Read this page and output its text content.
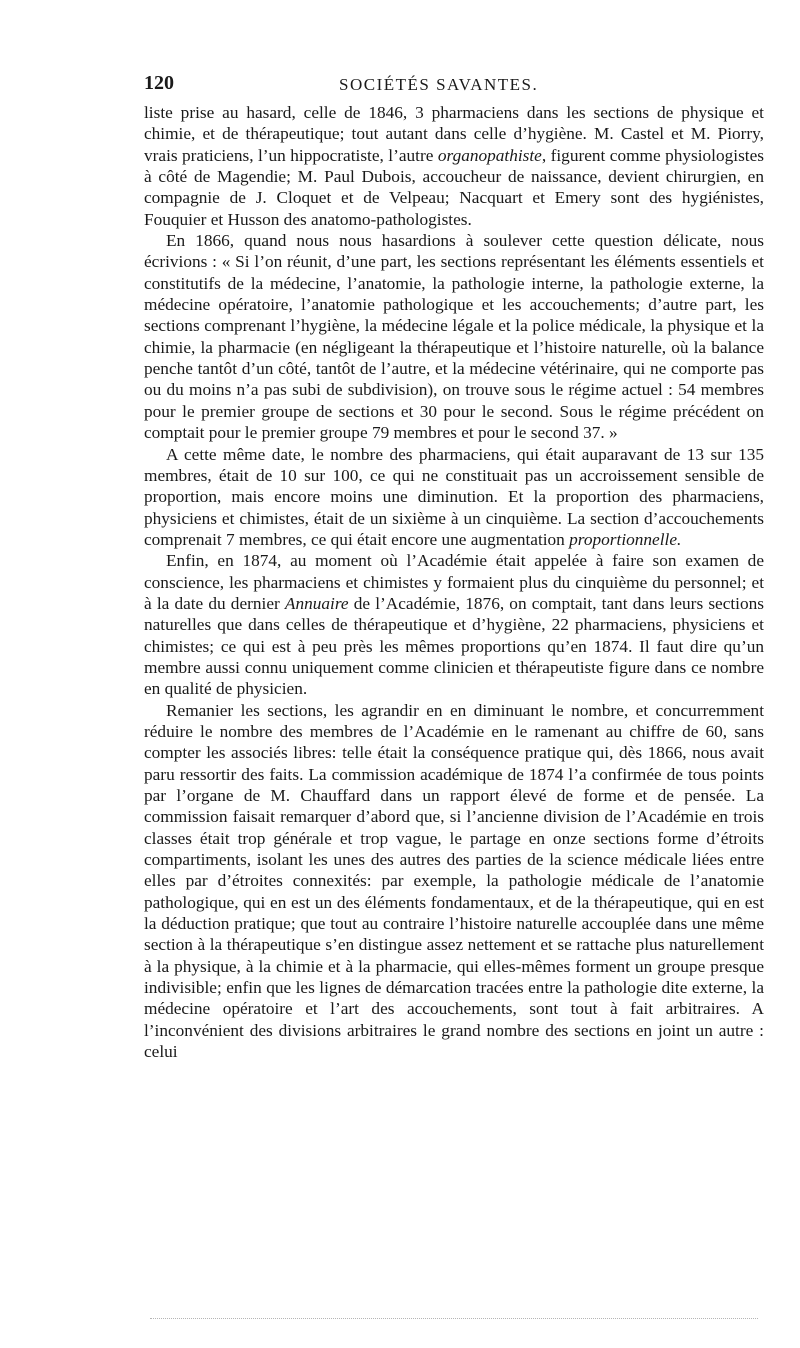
120	SOCIÉTÉS SAVANTES.

liste prise au hasard, celle de 1846, 3 pharmaciens dans les sections de physique et chimie, et de thérapeutique; tout autant dans celle d’hygiène. M. Castel et M. Piorry, vrais praticiens, l’un hippocratiste, l’autre organopathiste, figurent comme physiologistes à côté de Magendie; M. Paul Dubois, accoucheur de naissance, devient chirurgien, en compagnie de J. Cloquet et de Velpeau; Nacquart et Emery sont des hygiénistes, Fouquier et Husson des anatomo-pathologistes.

En 1866, quand nous nous hasardions à soulever cette question délicate, nous écrivions : « Si l’on réunit, d’une part, les sections représentant les éléments essentiels et constitutifs de la médecine, l’anatomie, la pathologie interne, la pathologie externe, la médecine opératoire, l’anatomie pathologique et les accouchements; d’autre part, les sections comprenant l’hygiène, la médecine légale et la police médicale, la physique et la chimie, la pharmacie (en négligeant la thérapeutique et l’histoire naturelle, où la balance penche tantôt d’un côté, tantôt de l’autre, et la médecine vétérinaire, qui ne comporte pas ou du moins n’a pas subi de subdivision), on trouve sous le régime actuel : 54 membres pour le premier groupe de sections et 30 pour le second. Sous le régime précédent on comptait pour le premier groupe 79 membres et pour le second 37. »

A cette même date, le nombre des pharmaciens, qui était auparavant de 13 sur 135 membres, était de 10 sur 100, ce qui ne constituait pas un accroissement sensible de proportion, mais encore moins une diminution. Et la proportion des pharmaciens, physiciens et chimistes, était de un sixième à un cinquième. La section d’accouchements comprenait 7 membres, ce qui était encore une augmentation proportionnelle.

Enfin, en 1874, au moment où l’Académie était appelée à faire son examen de conscience, les pharmaciens et chimistes y formaient plus du cinquième du personnel; et à la date du dernier Annuaire de l’Académie, 1876, on comptait, tant dans leurs sections naturelles que dans celles de thérapeutique et d’hygiène, 22 pharmaciens, physiciens et chimistes; ce qui est à peu près les mêmes proportions qu’en 1874. Il faut dire qu’un membre aussi connu uniquement comme clinicien et thérapeutiste figure dans ce nombre en qualité de physicien.

Remanier les sections, les agrandir en en diminuant le nombre, et concurremment réduire le nombre des membres de l’Académie en le ramenant au chiffre de 60, sans compter les associés libres: telle était la conséquence pratique qui, dès 1866, nous avait paru ressortir des faits. La commission académique de 1874 l’a confirmée de tous points par l’organe de M. Chauffard dans un rapport élevé de forme et de pensée. La commission faisait remarquer d’abord que, si l’ancienne division de l’Académie en trois classes était trop générale et trop vague, le partage en onze sections forme d’étroits compartiments, isolant les unes des autres des parties de la science médicale liées entre elles par d’étroites connexités: par exemple, la pathologie médicale de l’anatomie pathologique, qui en est un des éléments fondamentaux, et de la thérapeutique, qui en est la déduction pratique; que tout au contraire l’histoire naturelle accouplée dans une même section à la thérapeutique s’en distingue assez nettement et se rattache plus naturellement à la physique, à la chimie et à la pharmacie, qui elles-mêmes forment un groupe presque indivisible; enfin que les lignes de démarcation tracées entre la pathologie dite externe, la médecine opératoire et l’art des accouchements, sont tout à fait arbitraires. A l’inconvénient des divisions arbitraires le grand nombre des sections en joint un autre : celui
